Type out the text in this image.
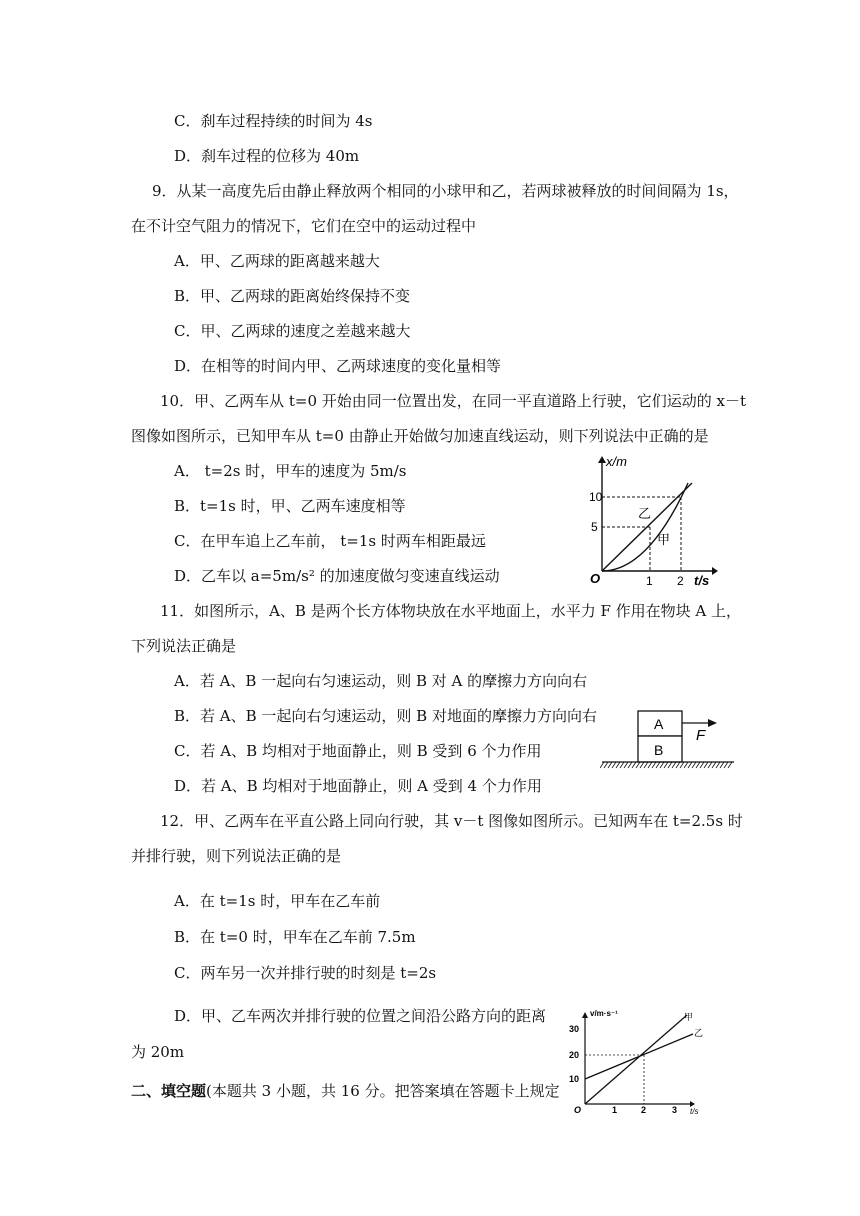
C．刹车过程持续的时间为 4s
D．刹车过程的位移为 40m
9．从某一高度先后由静止释放两个相同的小球甲和乙，若两球被释放的时间间隔为 1s，
在不计空气阻力的情况下，它们在空中的运动过程中
A．甲、乙两球的距离越来越大
B．甲、乙两球的距离始终保持不变
C．甲、乙两球的速度之差越来越大
D．在相等的时间内甲、乙两球速度的变化量相等
10．甲、乙两车从 t=0 开始由同一位置出发，在同一平直道路上行驶，它们运动的 x－t
图像如图所示，已知甲车从 t=0 由静止开始做匀加速直线运动，则下列说法中正确的是
A． t=2s 时，甲车的速度为 5m/s
B．t=1s 时，甲、乙两车速度相等
C．在甲车追上乙车前， t=1s 时两车相距最远
D．乙车以 a=5m/s² 的加速度做匀变速直线运动
11．如图所示，A、B 是两个长方体物块放在水平地面上，水平力 F 作用在物块 A 上，
下列说法正确是
A．若 A、B 一起向右匀速运动，则 B 对 A 的摩擦力方向向右
B．若 A、B 一起向右匀速运动，则 B 对地面的摩擦力方向向右
C．若 A、B 均相对于地面静止，则 B 受到 6 个力作用
D．若 A、B 均相对于地面静止，则 A 受到 4 个力作用
12．甲、乙两车在平直公路上同向行驶，其 v－t 图像如图所示。已知两车在 t=2.5s 时
并排行驶，则下列说法正确的是
A．在 t=1s 时，甲车在乙车前
B．在 t=0 时，甲车在乙车前 7.5m
C．两车另一次并排行驶的时刻是 t=2s
D．甲、乙车两次并排行驶的位置之间沿公路方向的距离
为 20m
二、填空题(本题共 3 小题，共 16 分。把答案填在答题卡上规定
x/m
t/s
O
10
5
1 2
乙
甲
A
B
F
v/m·s⁻¹
t/s
O
30
20
10
1	2	3
甲
乙
